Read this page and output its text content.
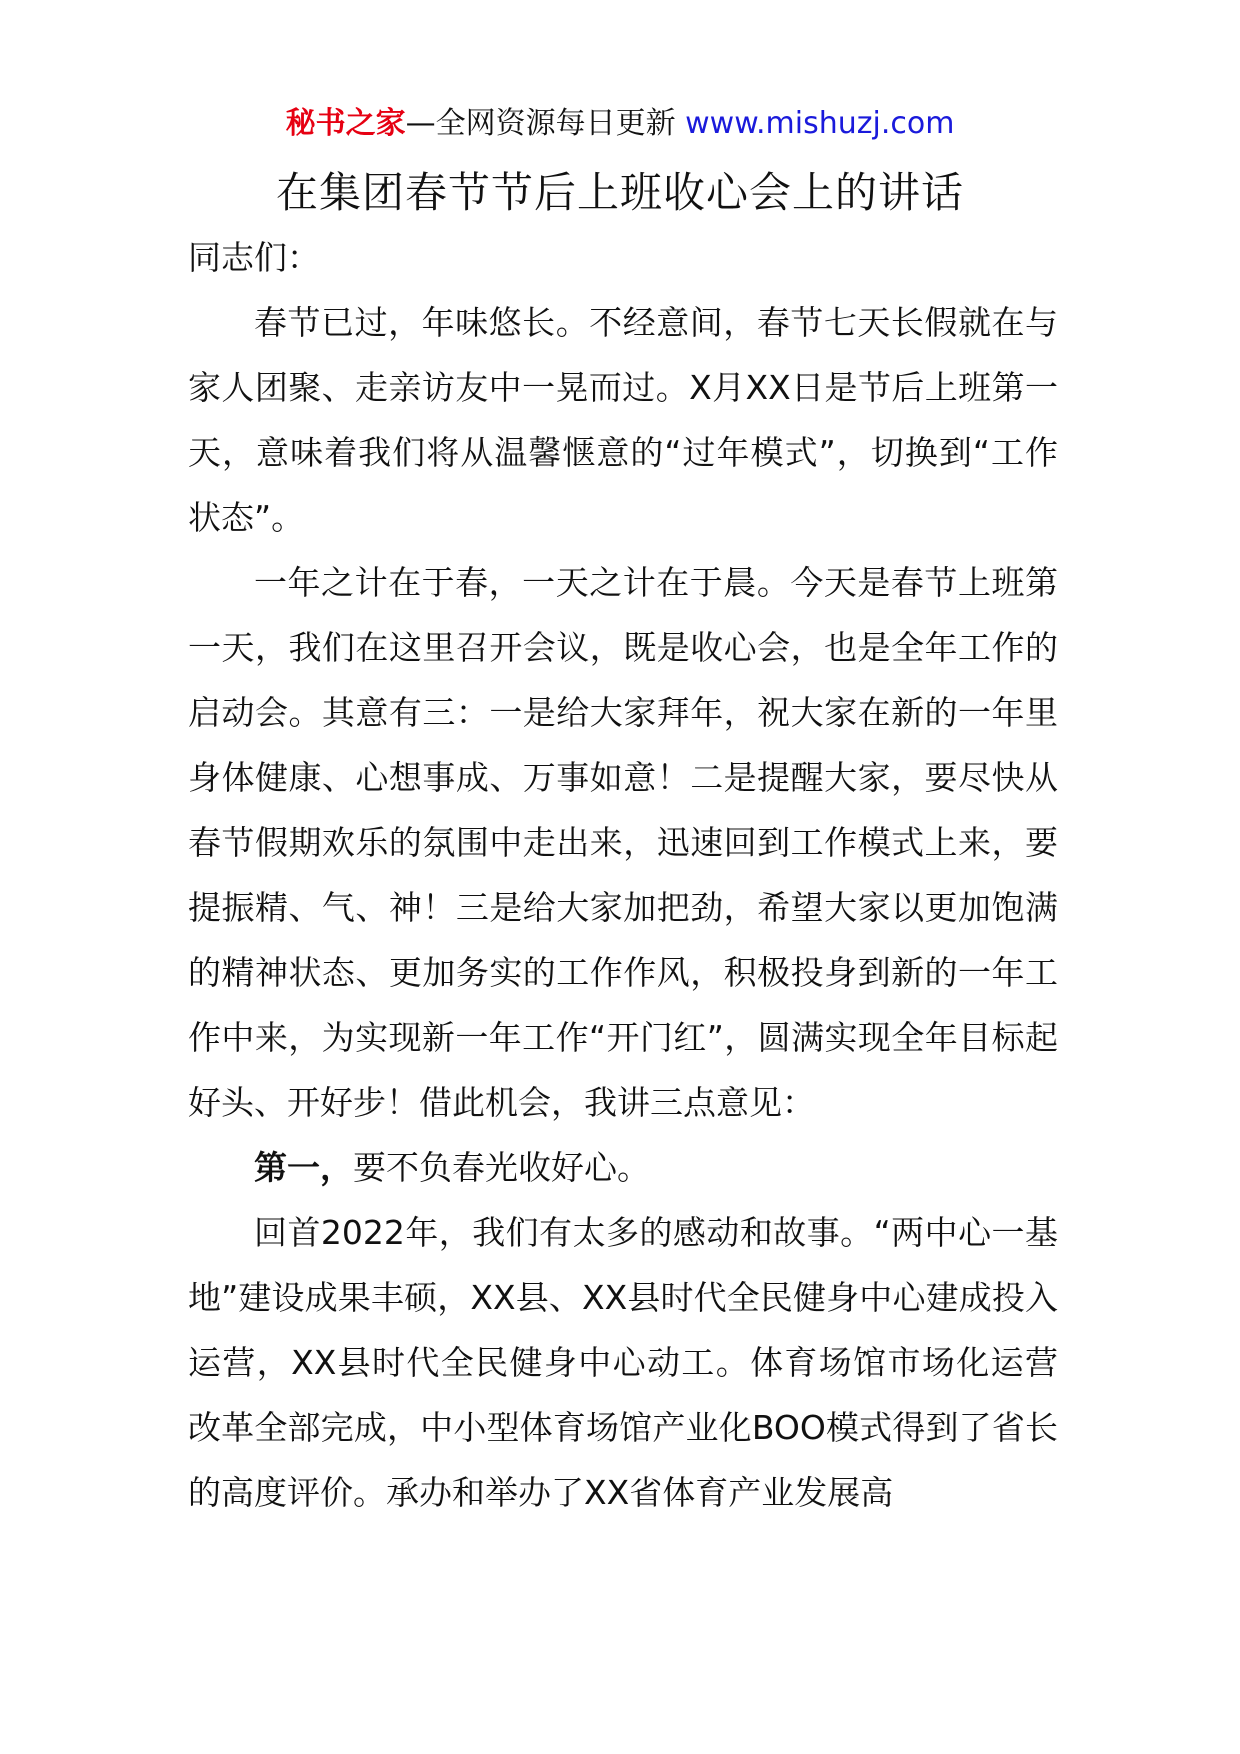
秘书之家—全网资源每日更新 www.mishuzj.com
在集团春节节后上班收心会上的讲话

同志们：

春节已过，年味悠长。不经意间，春节七天长假就在与家人团聚、走亲访友中一晃而过。X月XX日是节后上班第一天，意味着我们将从温馨惬意的“过年模式”，切换到“工作状态”。

一年之计在于春，一天之计在于晨。今天是春节上班第一天，我们在这里召开会议，既是收心会，也是全年工作的启动会。其意有三：一是给大家拜年，祝大家在新的一年里身体健康、心想事成、万事如意！二是提醒大家，要尽快从春节假期欢乐的氛围中走出来，迅速回到工作模式上来，要提振精、气、神！三是给大家加把劲，希望大家以更加饱满的精神状态、更加务实的工作作风，积极投身到新的一年工作中来，为实现新一年工作“开门红”，圆满实现全年目标起好头、开好步！借此机会，我讲三点意见：

第一，要不负春光收好心。

回首2022年，我们有太多的感动和故事。“两中心一基地”建设成果丰硕，XX县、XX县时代全民健身中心建成投入运营，XX县时代全民健身中心动工。体育场馆市场化运营改革全部完成，中小型体育场馆产业化BOO模式得到了省长的高度评价。承办和举办了XX省体育产业发展高
